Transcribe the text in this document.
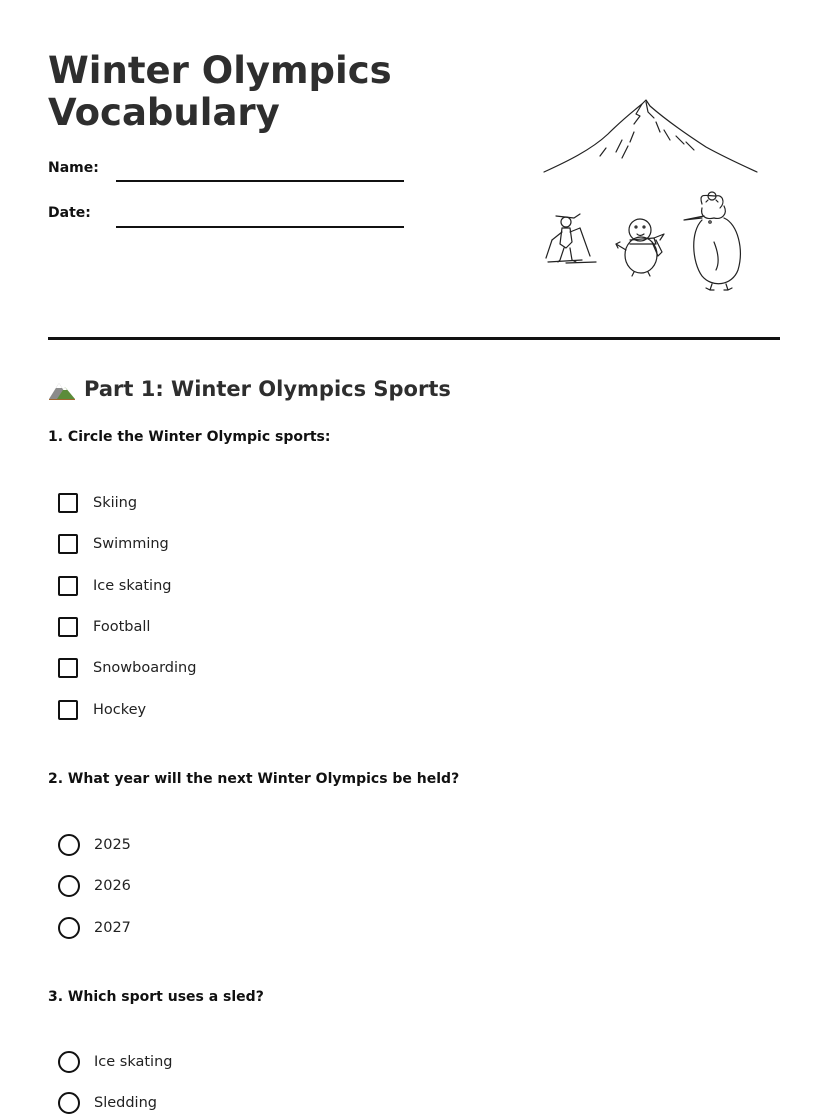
Winter Olympics
Vocabulary
Name:
Date:
Part 1: Winter Olympics Sports
1. Circle the Winter Olympic sports:
Skiing
Swimming
Ice skating
Football
Snowboarding
Hockey
2. What year will the next Winter Olympics be held?
2025
2026
2027
3. Which sport uses a sled?
Ice skating
Sledding
